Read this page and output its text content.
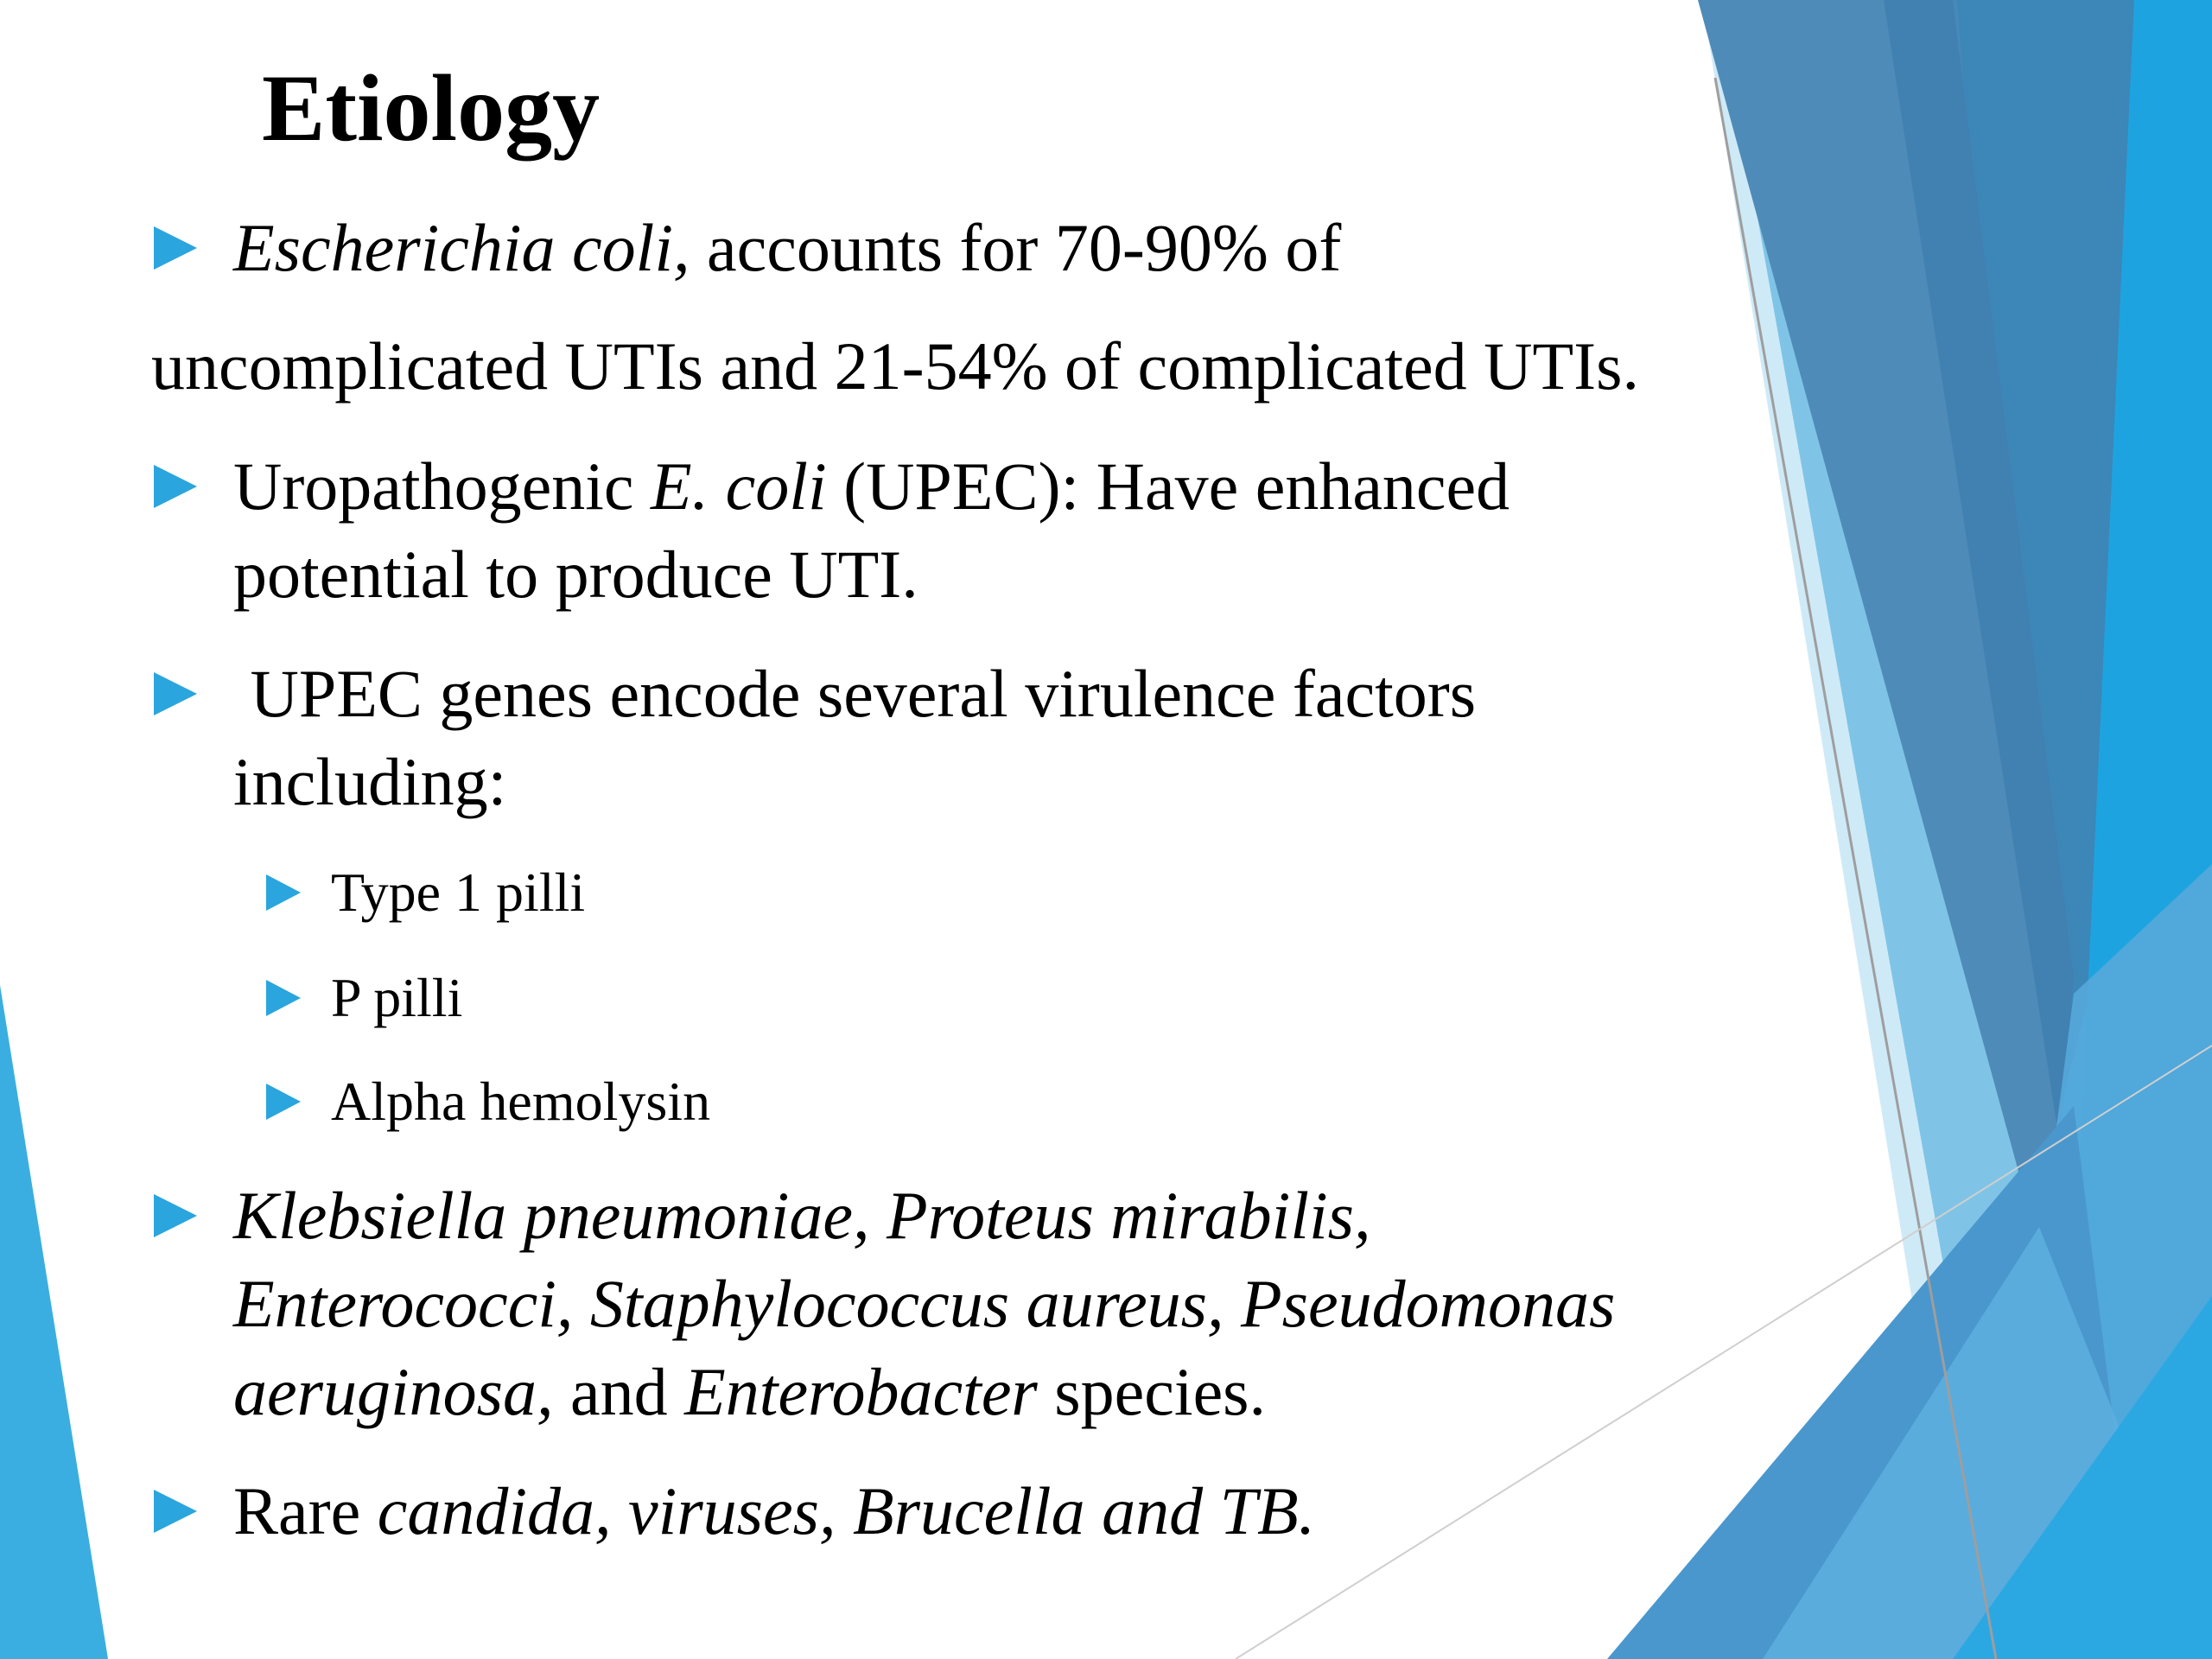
Etiology
Escherichia coli, accounts for 70-90% of
uncomplicated UTIs and 21-54% of complicated UTIs.
Uropathogenic E. coli (UPEC): Have enhanced
potential to produce UTI.
UPEC genes encode several virulence factors
including:
Type 1 pilli
P pilli
Alpha hemolysin
Klebsiella pneumoniae, Proteus mirabilis,
Enterococci, Staphylococcus aureus, Pseudomonas
aeruginosa, and Enterobacter species.
Rare candida, viruses, Brucella and TB.
